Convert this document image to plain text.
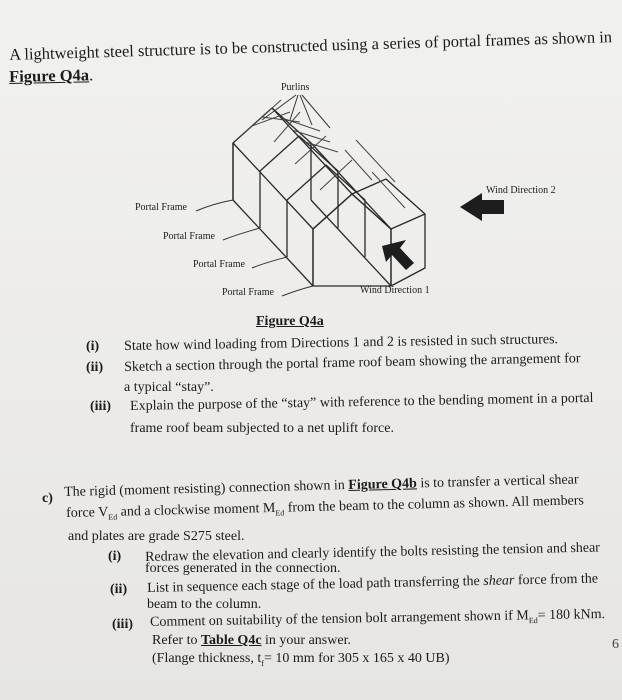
A lightweight steel structure is to be constructed using a series of portal frames as shown in
Figure Q4a.
Purlins
Portal Frame
Portal Frame
Portal Frame
Portal Frame
Wind Direction 2
Wind Direction 1
Figure Q4a
(i) State how wind loading from Directions 1 and 2 is resisted in such structures.
(ii) Sketch a section through the portal frame roof beam showing the arrangement for
a typical “stay”.
(iii) Explain the purpose of the “stay” with reference to the bending moment in a portal
frame roof beam subjected to a net uplift force.
c) The rigid (moment resisting) connection shown in Figure Q4b is to transfer a vertical shear
force $V_{Ed}$ and a clockwise moment $M_{Ed}$ from the beam to the column as shown. All members
and plates are grade S275 steel.
(i) Redraw the elevation and clearly identify the bolts resisting the tension and shear
forces generated in the connection.
(ii) List in sequence each stage of the load path transferring the shear force from the
beam to the column.
(iii) Comment on suitability of the tension bolt arrangement shown if $M_{Ed}= 180$ kNm.
Refer to Table Q4c in your answer.
(Flange thickness, $t_f= 10$ mm for 305 x 165 x 40 UB)
6
